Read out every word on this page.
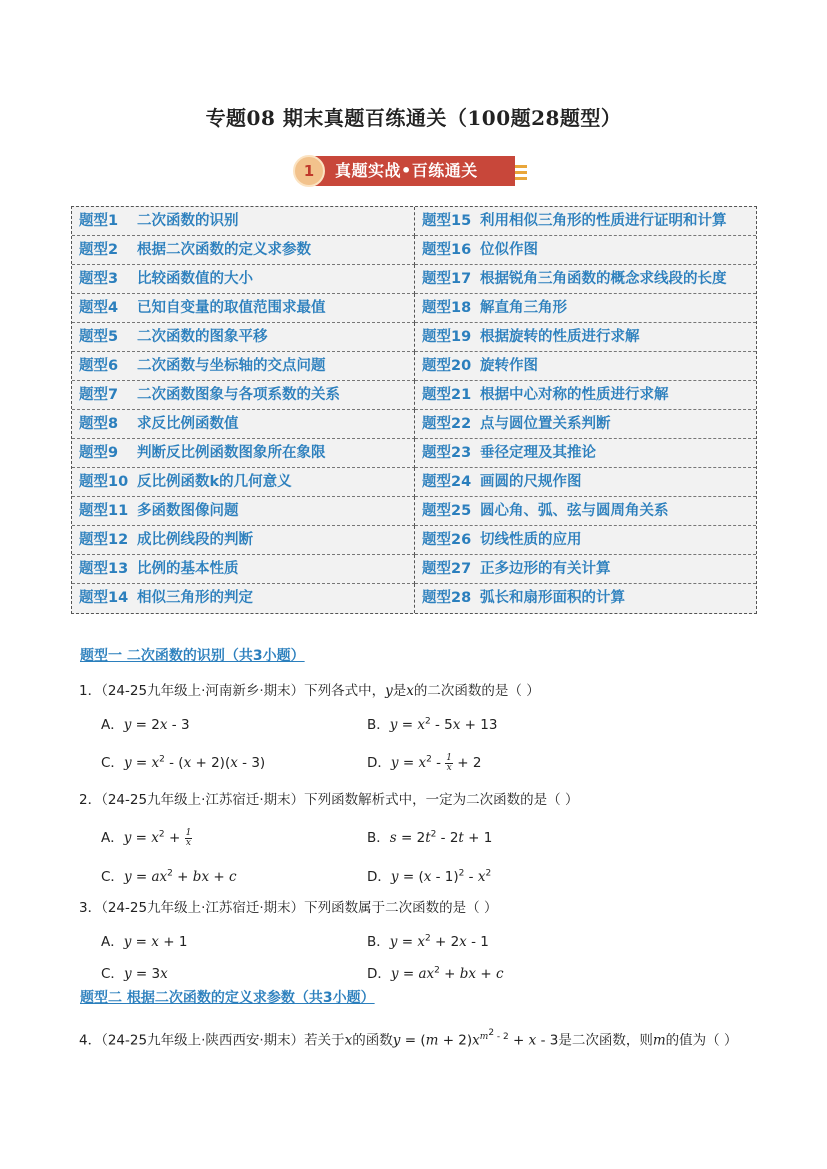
专题08 期末真题百练通关（100题28题型）
1	真题实战•百练通关
题型1 二次函数的识别	题型15 利用相似三角形的性质进行证明和计算
题型2 根据二次函数的定义求参数	题型16 位似作图
题型3 比较函数值的大小	题型17 根据锐角三角函数的概念求线段的长度
题型4 已知自变量的取值范围求最值	题型18 解直角三角形
题型5 二次函数的图象平移	题型19 根据旋转的性质进行求解
题型6 二次函数与坐标轴的交点问题	题型20 旋转作图
题型7 二次函数图象与各项系数的关系	题型21 根据中心对称的性质进行求解
题型8 求反比例函数值	题型22 点与圆位置关系判断
题型9 判断反比例函数图象所在象限	题型23 垂径定理及其推论
题型10 反比例函数k的几何意义	题型24 画圆的尺规作图
题型11 多函数图像问题	题型25 圆心角、弧、弦与圆周角关系
题型12 成比例线段的判断	题型26 切线性质的应用
题型13 比例的基本性质	题型27 正多边形的有关计算
题型14 相似三角形的判定	题型28 弧长和扇形面积的计算
题型一 二次函数的识别（共3小题）
1．（24-25九年级上·河南新乡·期末）下列各式中，y是x的二次函数的是（ ）
A．y = 2x - 3	B．$y = x^2 - 5x + 13$
C．$y = x^2 - (x + 2)(x - 3)$	D．$y = x^2 - \frac{1}{x} + 2$
2．（24-25九年级上·江苏宿迁·期末）下列函数解析式中，一定为二次函数的是（ ）
A．$y = x^2 + \frac{1}{x}$	B．$s = 2t^2 - 2t + 1$
C．$y = ax^2$ + bx + c	D．$y = (x - 1)^2 - x^2$
3．（24-25九年级上·江苏宿迁·期末）下列函数属于二次函数的是（ ）
A．y = x + 1	B．$y = x^2 + 2x - 1$
C．y = 3x	D．$y = ax^2$ + bx + c
题型二 根据二次函数的定义求参数（共3小题）
4．（24-25九年级上·陕西西安·期末）若关于x的函数$y = (m + 2)x^{m^2 - 2} + x - 3$是二次函数，则m的值为（ ）
